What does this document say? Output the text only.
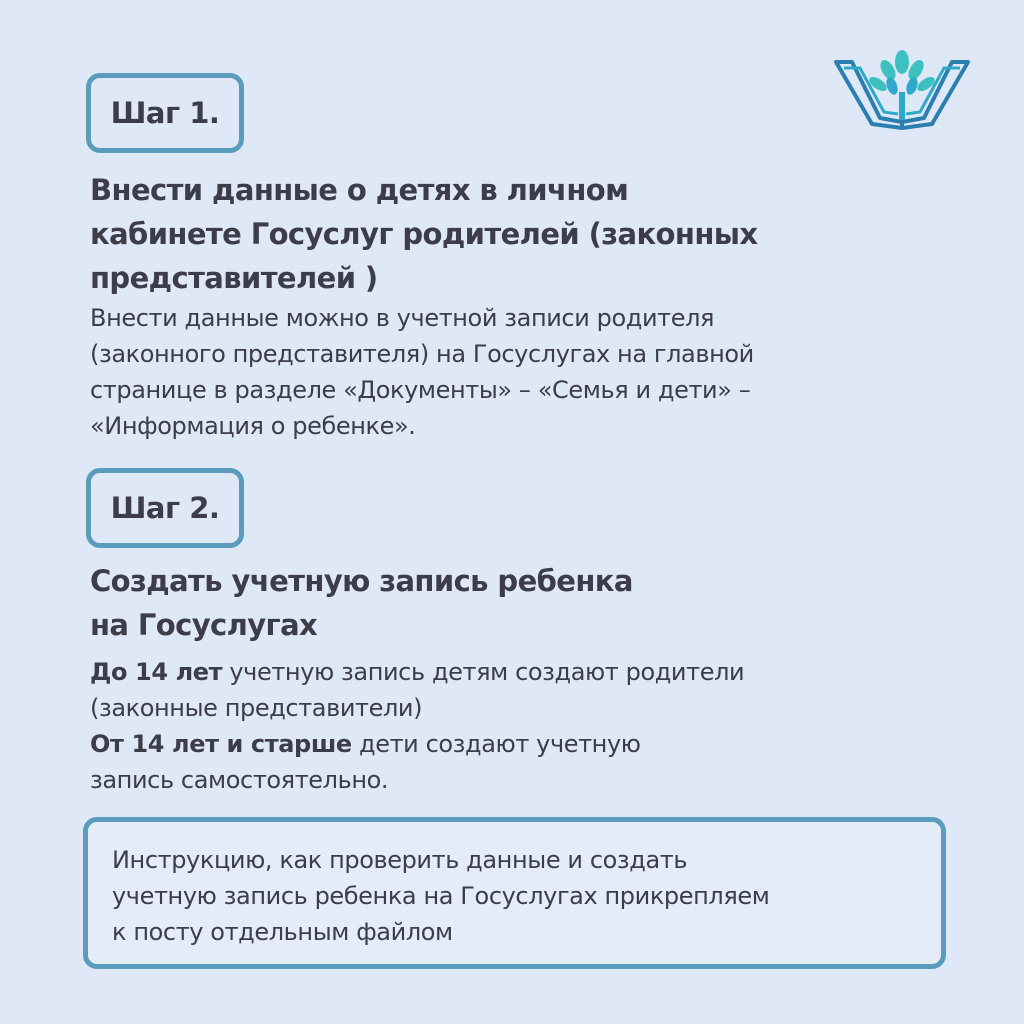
Шаг 1.
Внести данные о детях в личном
кабинете Госуслуг родителей (законных
представителей )
Внести данные можно в учетной записи родителя
(законного представителя) на Госуслугах на главной
странице в разделе «Документы» – «Семья и дети» –
«Информация о ребенке».
Шаг 2.
Создать учетную запись ребенка
на Госуслугах
До 14 лет учетную запись детям создают родители
(законные представители)
От 14 лет и старше дети создают учетную
запись самостоятельно.
Инструкцию, как проверить данные и создать
учетную запись ребенка на Госуслугах прикрепляем
к посту отдельным файлом
